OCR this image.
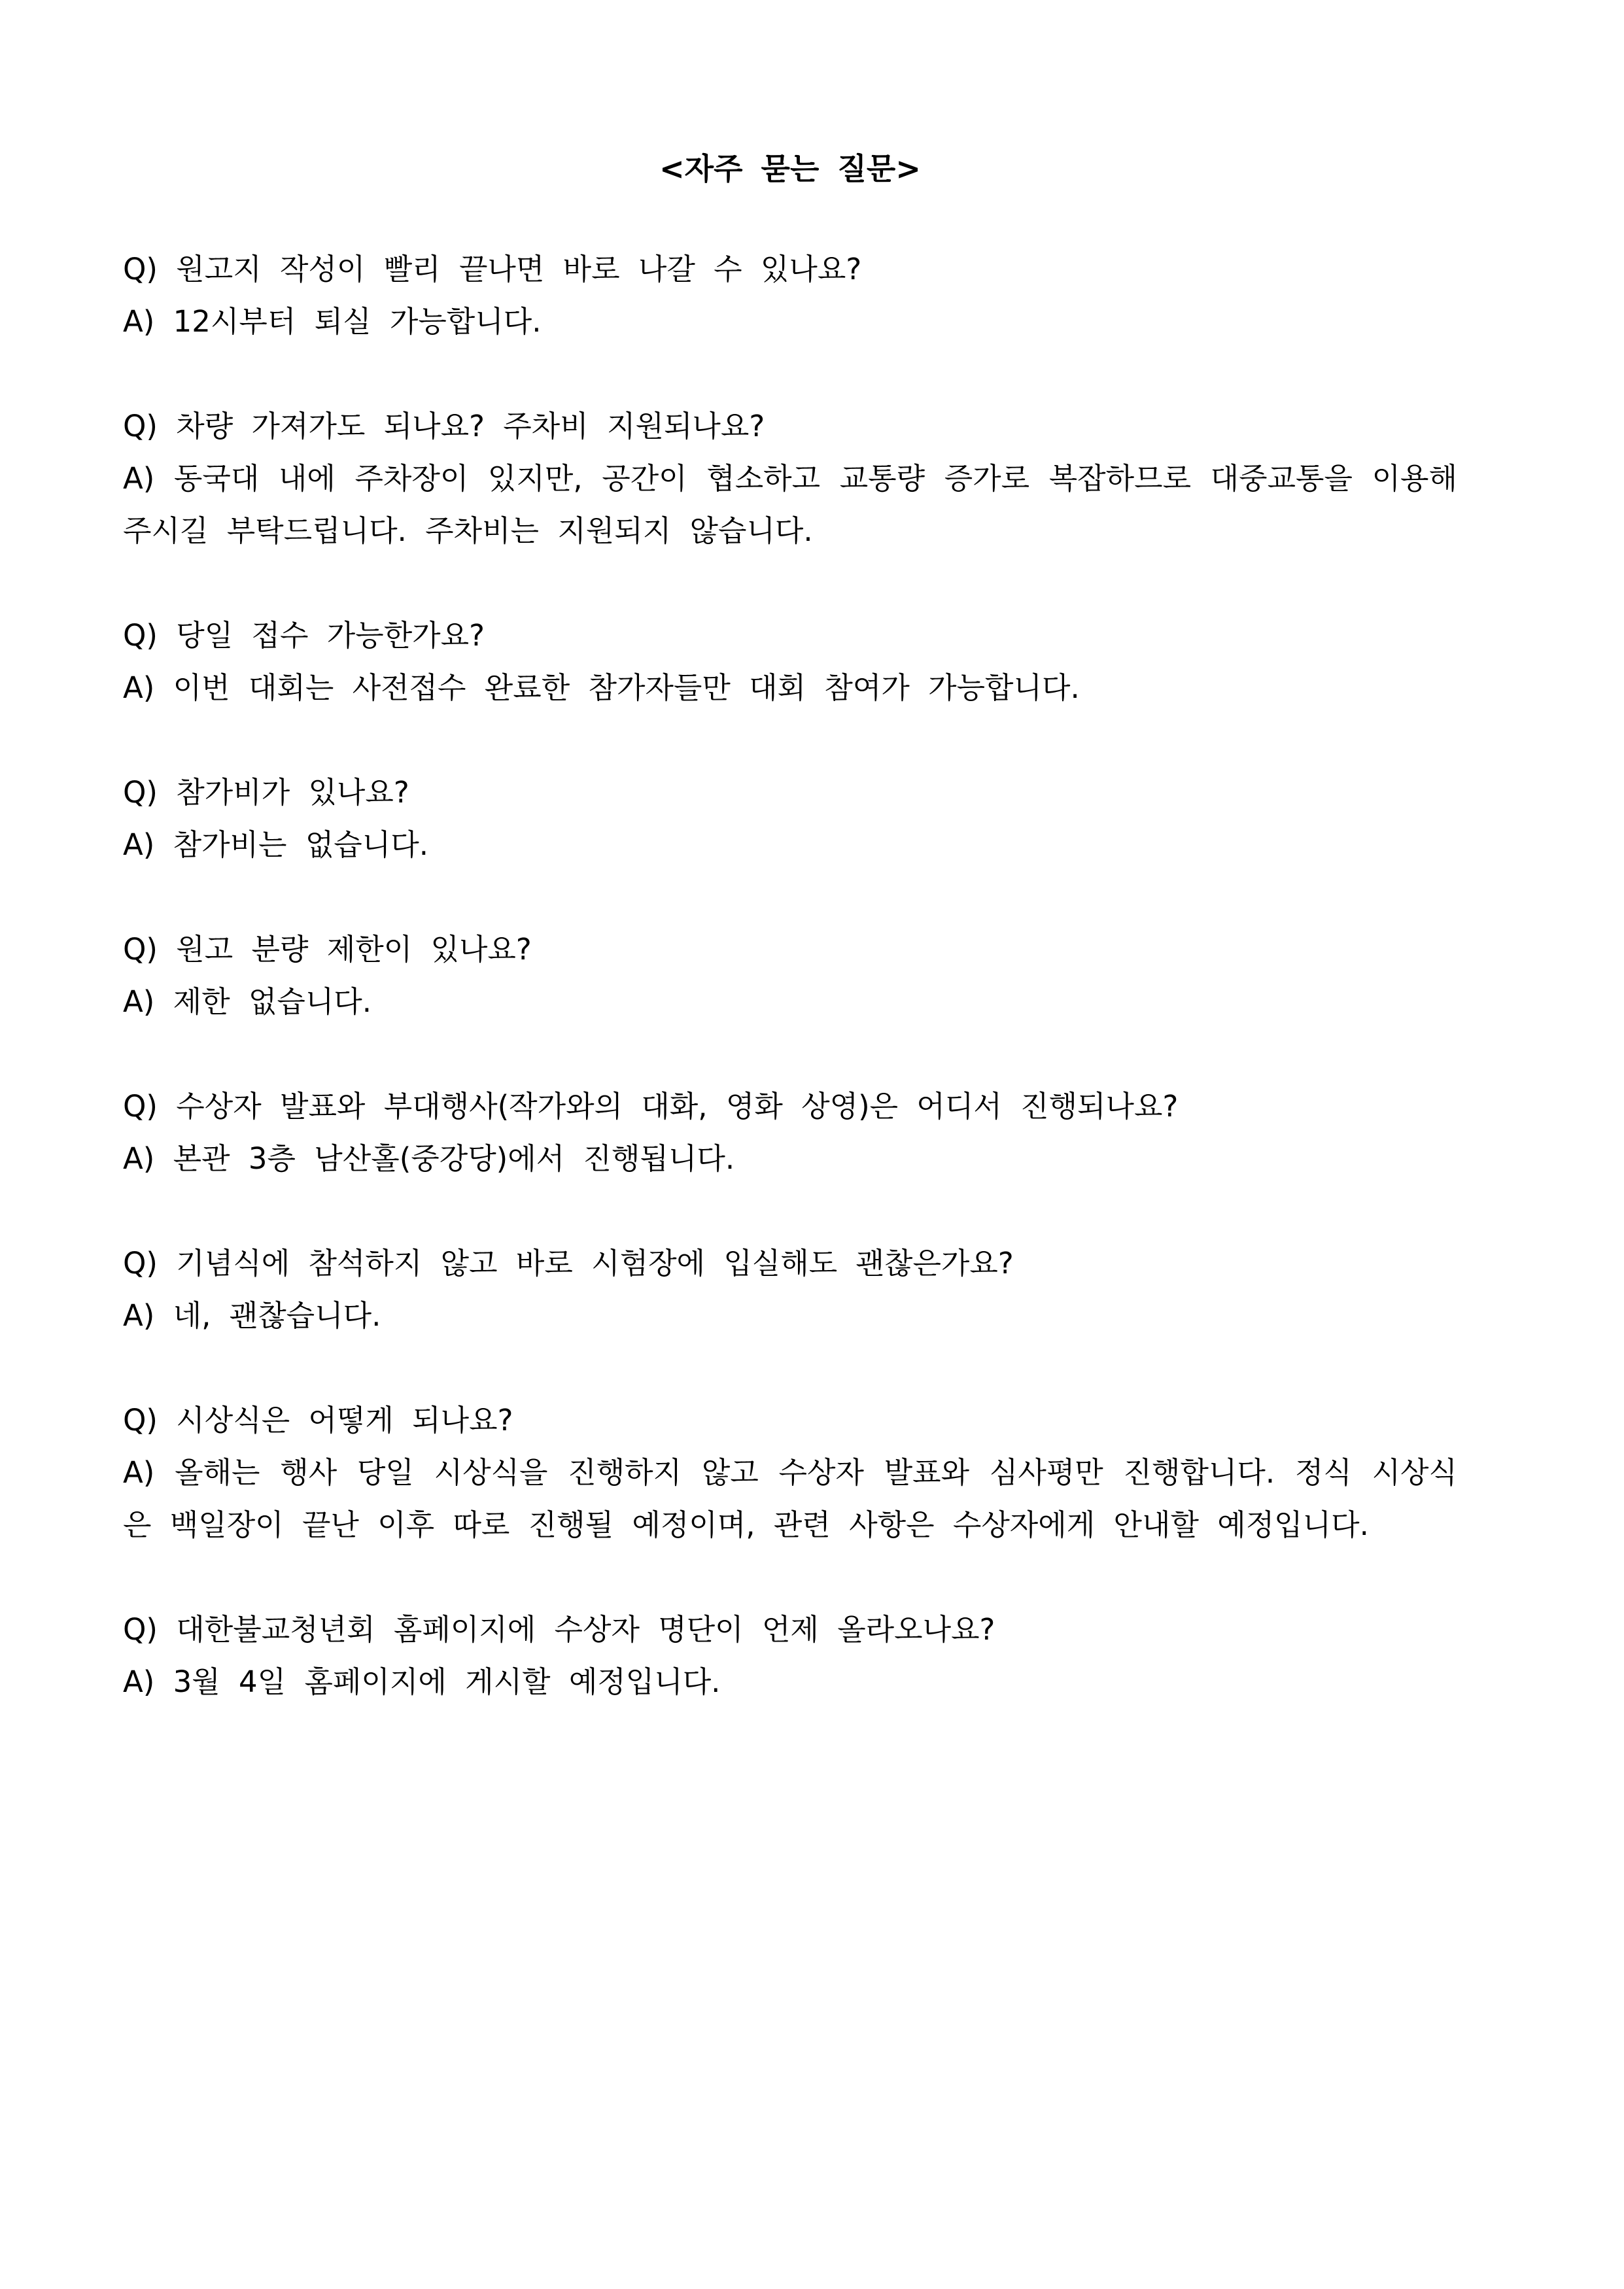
<자주 묻는 질문>

Q) 원고지 작성이 빨리 끝나면 바로 나갈 수 있나요?

A) 12시부터 퇴실 가능합니다.

Q) 차량 가져가도 되나요? 주차비 지원되나요?

A) 동국대 내에 주차장이 있지만, 공간이 협소하고 교통량 증가로 복잡하므로 대중교통을 이용해 주시길 부탁드립니다. 주차비는 지원되지 않습니다.

Q) 당일 접수 가능한가요?

A) 이번 대회는 사전접수 완료한 참가자들만 대회 참여가 가능합니다.

Q) 참가비가 있나요?

A) 참가비는 없습니다.

Q) 원고 분량 제한이 있나요?

A) 제한 없습니다.

Q) 수상자 발표와 부대행사(작가와의 대화, 영화 상영)은 어디서 진행되나요?

A) 본관 3층 남산홀(중강당)에서 진행됩니다.

Q) 기념식에 참석하지 않고 바로 시험장에 입실해도 괜찮은가요?

A) 네, 괜찮습니다.

Q) 시상식은 어떻게 되나요?

A) 올해는 행사 당일 시상식을 진행하지 않고 수상자 발표와 심사평만 진행합니다. 정식 시상식은 백일장이 끝난 이후 따로 진행될 예정이며, 관련 사항은 수상자에게 안내할 예정입니다.

Q) 대한불교청년회 홈페이지에 수상자 명단이 언제 올라오나요?

A) 3월 4일 홈페이지에 게시할 예정입니다.
